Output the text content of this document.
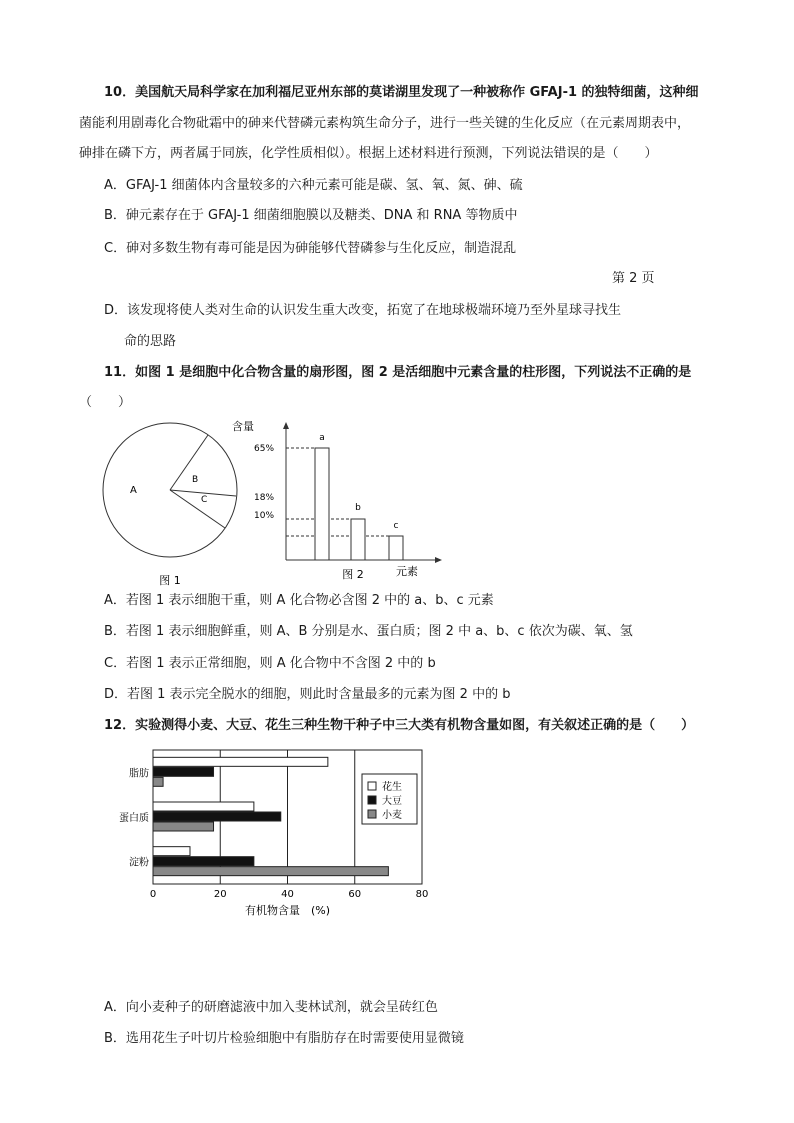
10．美国航天局科学家在加利福尼亚州东部的莫诺湖里发现了一种被称作 GFAJ-1 的独特细菌，这种细
菌能利用剧毒化合物砒霜中的砷来代替磷元素构筑生命分子，进行一些关键的生化反应（在元素周期表中，
砷排在磷下方，两者属于同族，化学性质相似）。根据上述材料进行预测，下列说法错误的是（　　）
A．GFAJ-1 细菌体内含量较多的六种元素可能是碳、氢、氧、氮、砷、硫
B．砷元素存在于 GFAJ-1 细菌细胞膜以及糖类、DNA 和 RNA 等物质中
C．砷对多数生物有毒可能是因为砷能够代替磷参与生化反应，制造混乱
第 2 页
D．该发现将使人类对生命的认识发生重大改变，拓宽了在地球极端环境乃至外星球寻找生
命的思路
11．如图 1 是细胞中化合物含量的扇形图，图 2 是活细胞中元素含量的柱形图，下列说法不正确的是
（　　）
A
B
C
图 1
含量
65%
18%
10%
a
b
c
图 2	元素
A．若图 1 表示细胞干重，则 A 化合物必含图 2 中的 a、b、c 元素
B．若图 1 表示细胞鲜重，则 A、B 分别是水、蛋白质；图 2 中 a、b、c 依次为碳、氧、氢
C．若图 1 表示正常细胞，则 A 化合物中不含图 2 中的 b
D．若图 1 表示完全脱水的细胞，则此时含量最多的元素为图 2 中的 b
12．实验测得小麦、大豆、花生三种生物干种子中三大类有机物含量如图，有关叙述正确的是（　　）
脂肪
蛋白质
淀粉
0	20	40	60	80
有机物含量　(%)
花生
大豆
小麦
A．向小麦种子的研磨滤液中加入斐林试剂，就会呈砖红色
B．选用花生子叶切片检验细胞中有脂肪存在时需要使用显微镜
